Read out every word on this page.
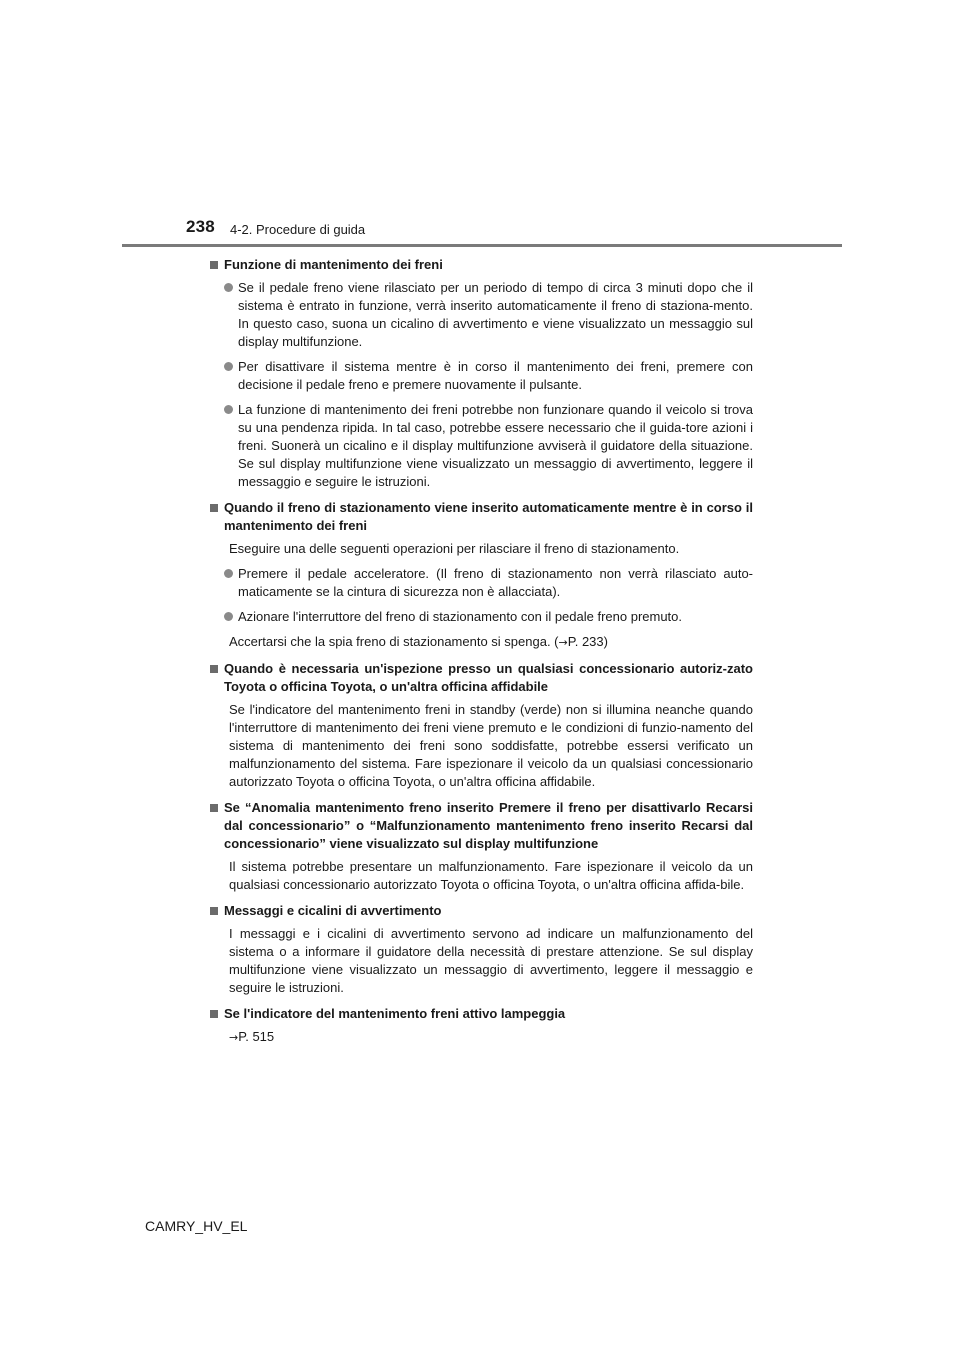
238 4-2. Procedure di guida
Funzione di mantenimento dei freni
Se il pedale freno viene rilasciato per un periodo di tempo di circa 3 minuti dopo che il sistema è entrato in funzione, verrà inserito automaticamente il freno di staziona-mento. In questo caso, suona un cicalino di avvertimento e viene visualizzato un messaggio sul display multifunzione.
Per disattivare il sistema mentre è in corso il mantenimento dei freni, premere con decisione il pedale freno e premere nuovamente il pulsante.
La funzione di mantenimento dei freni potrebbe non funzionare quando il veicolo si trova su una pendenza ripida. In tal caso, potrebbe essere necessario che il guida-tore azioni i freni. Suonerà un cicalino e il display multifunzione avviserà il guidatore della situazione. Se sul display multifunzione viene visualizzato un messaggio di avvertimento, leggere il messaggio e seguire le istruzioni.
Quando il freno di stazionamento viene inserito automaticamente mentre è in corso il mantenimento dei freni
Eseguire una delle seguenti operazioni per rilasciare il freno di stazionamento.
Premere il pedale acceleratore. (Il freno di stazionamento non verrà rilasciato auto-maticamente se la cintura di sicurezza non è allacciata).
Azionare l'interruttore del freno di stazionamento con il pedale freno premuto.
Accertarsi che la spia freno di stazionamento si spenga. (→P. 233)
Quando è necessaria un'ispezione presso un qualsiasi concessionario autoriz-zato Toyota o officina Toyota, o un'altra officina affidabile
Se l'indicatore del mantenimento freni in standby (verde) non si illumina neanche quando l'interruttore di mantenimento dei freni viene premuto e le condizioni di funzio-namento del sistema di mantenimento dei freni sono soddisfatte, potrebbe essersi verificato un malfunzionamento del sistema. Fare ispezionare il veicolo da un qualsiasi concessionario autorizzato Toyota o officina Toyota, o un'altra officina affidabile.
Se “Anomalia mantenimento freno inserito Premere il freno per disattivarlo Recarsi dal concessionario” o “Malfunzionamento mantenimento freno inserito Recarsi dal concessionario” viene visualizzato sul display multifunzione
Il sistema potrebbe presentare un malfunzionamento. Fare ispezionare il veicolo da un qualsiasi concessionario autorizzato Toyota o officina Toyota, o un'altra officina affida-bile.
Messaggi e cicalini di avvertimento
I messaggi e i cicalini di avvertimento servono ad indicare un malfunzionamento del sistema o a informare il guidatore della necessità di prestare attenzione. Se sul display multifunzione viene visualizzato un messaggio di avvertimento, leggere il messaggio e seguire le istruzioni.
Se l'indicatore del mantenimento freni attivo lampeggia
→P. 515
CAMRY_HV_EL
